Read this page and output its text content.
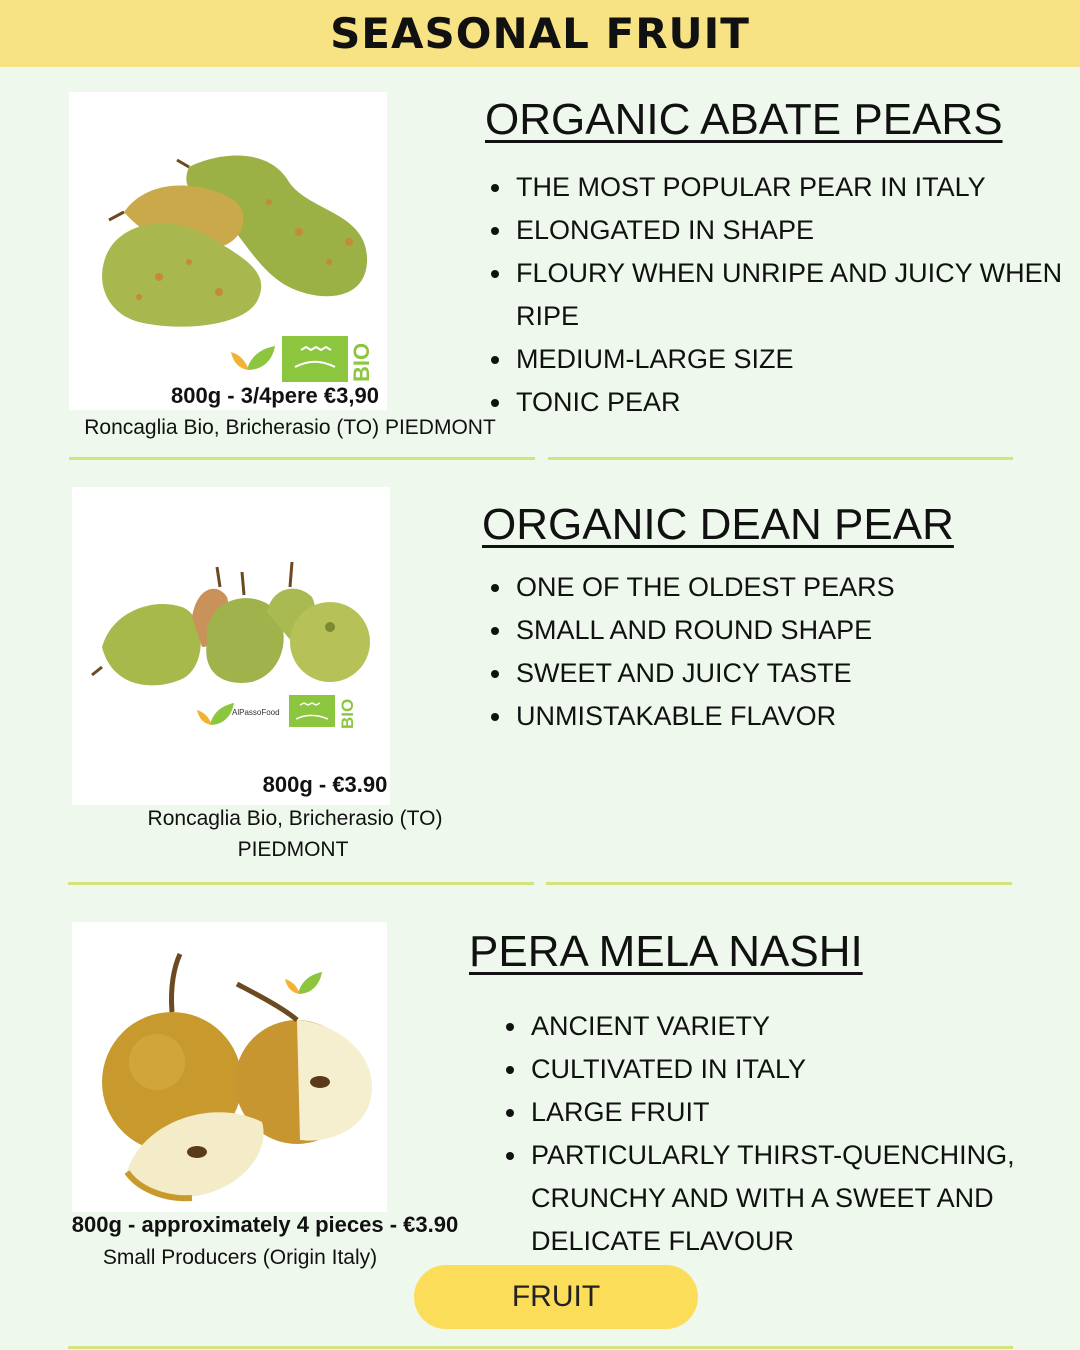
SEASONAL FRUIT
BIO
ORGANIC ABATE PEARS
• THE MOST POPULAR PEAR IN ITALY
• ELONGATED IN SHAPE
• FLOURY WHEN UNRIPE AND JUICY WHEN RIPE
• MEDIUM-LARGE SIZE
• TONIC PEAR
800g - 3/4pere €3,90
Roncaglia Bio, Bricherasio (TO) PIEDMONT
AlPassoFood	BIO
ORGANIC DEAN PEAR
• ONE OF THE OLDEST PEARS
• SMALL AND ROUND SHAPE
• SWEET AND JUICY TASTE
• UNMISTAKABLE FLAVOR
800g - €3.90
Roncaglia Bio, Bricherasio (TO)
PIEDMONT
PERA MELA NASHI
• ANCIENT VARIETY
• CULTIVATED IN ITALY
• LARGE FRUIT
• PARTICULARLY THIRST-QUENCHING, CRUNCHY AND WITH A SWEET AND DELICATE FLAVOUR
800g - approximately 4 pieces - €3.90
Small Producers (Origin Italy)
FRUIT
